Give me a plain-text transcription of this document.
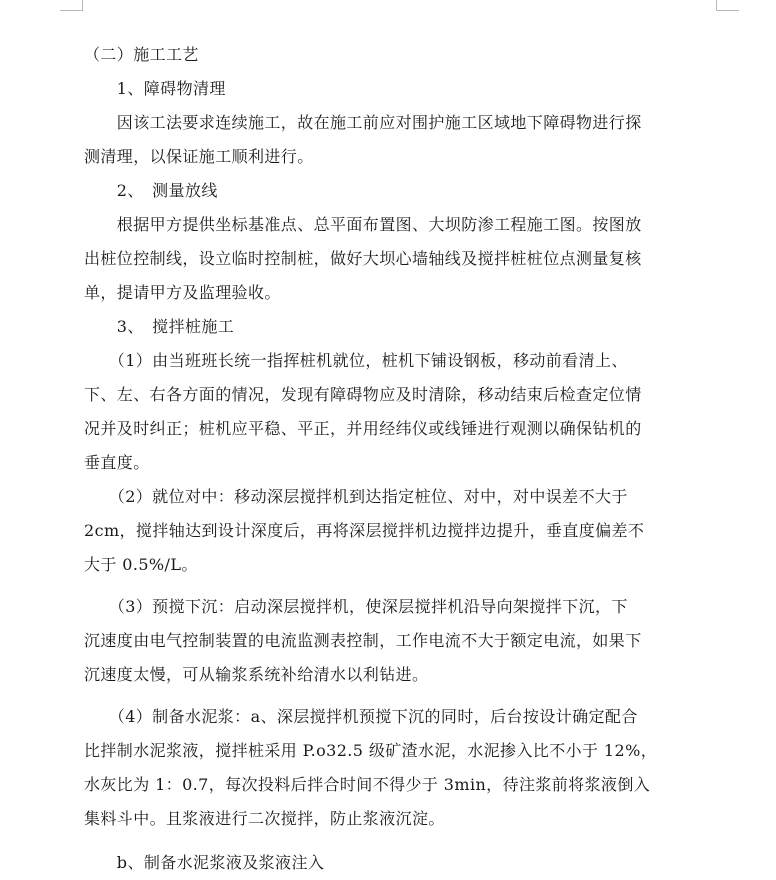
（二）施工工艺
　　1、障碍物清理
　　因该工法要求连续施工，故在施工前应对围护施工区域地下障碍物进行探
测清理，以保证施工顺利进行。
　　2、　测量放线
　　根据甲方提供坐标基准点、总平面布置图、大坝防渗工程施工图。按图放
出桩位控制线，设立临时控制桩，做好大坝心墙轴线及搅拌桩桩位点测量复核
单，提请甲方及监理验收。
　　3、　搅拌桩施工
　　（1）由当班班长统一指挥桩机就位，桩机下铺设钢板，移动前看清上、
下、左、右各方面的情况，发现有障碍物应及时清除，移动结束后检查定位情
况并及时纠正；桩机应平稳、平正，并用经纬仪或线锤进行观测以确保钻机的
垂直度。
　　（2）就位对中：移动深层搅拌机到达指定桩位、对中，对中误差不大于
2cm，搅拌轴达到设计深度后，再将深层搅拌机边搅拌边提升，垂直度偏差不
大于 0.5%/L。
　　（3）预搅下沉：启动深层搅拌机，使深层搅拌机沿导向架搅拌下沉，下
沉速度由电气控制装置的电流监测表控制，工作电流不大于额定电流，如果下
沉速度太慢，可从输浆系统补给清水以利钻进。
　　（4）制备水泥浆：a、深层搅拌机预搅下沉的同时，后台按设计确定配合
比拌制水泥浆液，搅拌桩采用 P.o32.5 级矿渣水泥，水泥掺入比不小于 12%，
水灰比为 1：0.7，每次投料后拌合时间不得少于 3min，待注浆前将浆液倒入
集料斗中。且浆液进行二次搅拌，防止浆液沉淀。
　　b、制备水泥浆液及浆液注入
